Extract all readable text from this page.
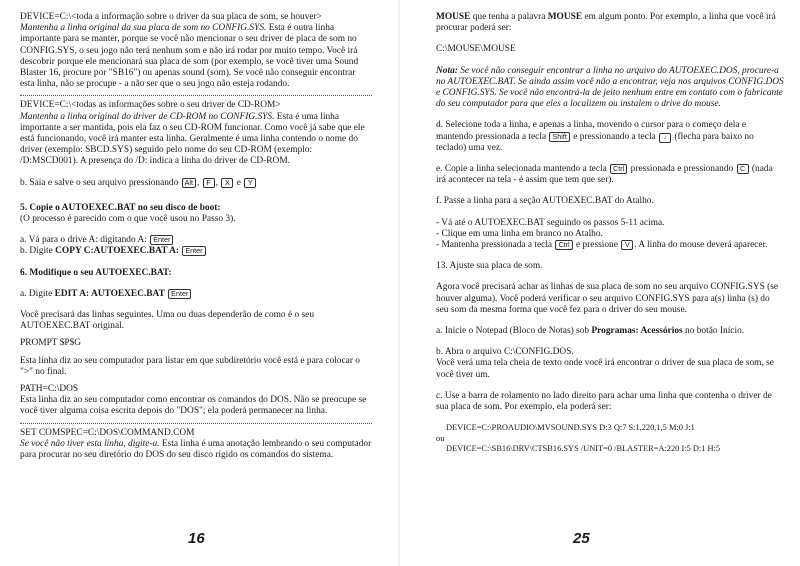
DEVICE=C:\<toda a informação sobre o driver da sua placa de som, se houver>

Mantenha a linha original da sua placa de som no CONFIG.SYS. Esta é outra linha importante para se manter, porque se você não mencionar o seu driver de placa de som no CONFIG.SYS, o seu jogo não terá nenhum som e não irá rodar por muito tempo. Você irá descobrir porque ele mencionará sua placa de som (por exemplo, se você tiver uma Sound Blaster 16, procure por "SB16") ou apenas sound (som). Se você não conseguir encontrar esta linha, não se procupe - a não ser que o seu jogo não esteja rodando.

DEVICE=C:\<todas as informações sobre o seu driver de CD-ROM>

Mantenha a linha original do driver de CD-ROM no CONFIG.SYS. Esta é uma linha importante a ser mantida, pois ela faz o seu CD-ROM funcionar. Como você já sabe que ele está funcionando, você irá manter esta linha. Geralmente é uma linha contendo o nome do driver (exemplo: SBCD.SYS) seguido pelo nome do seu CD-ROM (exemplo: /D:MSCD001). A presença do /D: indica a linha do driver de CD-ROM.

b. Saia e salve o seu arquivo pressionando Alt , F , X e Y

5. Copie o AUTOEXEC.BAT no seu disco de boot:

(O processo é parecido com o que você usou no Passo 3).

a. Vá para o drive A: digitando A: Enter

b. Digite COPY C:AUTOEXEC.BAT A: Enter

6. Modifique o seu AUTOEXEC.BAT:

a. Digite EDIT A: AUTOEXEC.BAT Enter

Você precisará das linhas seguintes. Uma ou duas dependerão de como é o seu AUTOEXEC.BAT original.

PROMPT $P$G

Esta linha diz ao seu computador para listar em que subdiretório você está e para colocar o ">" no final.

PATH=C:\DOS

Esta linha diz ao seu computador como encontrar os comandos do DOS. Não se preocupe se você tiver alguma coisa escrita depois do "DOS"; ela poderá permanecer na linha.

SET COMSPEC=C:\DOS\COMMAND.COM

Se você não tiver esta linha, digite-a. Esta linha é uma anotação lembrando o seu computador para procurar no seu diretório do DOS do seu disco rígido os comandos do sistema.

16

MOUSE que tenha a palavra MOUSE em algum ponto. Por exemplo, a linha que você irá procurar poderá ser:

C:\MOUSE\MOUSE

Nota: Se você não conseguir encontrar a linha no arquivo do AUTOEXEC.DOS, procure-a no AUTOEXEC.BAT. Se ainda assim você não a encontrar, veja nos arquivos CONFIG.DOS e CONFIG.SYS. Se você não encontrá-la de jeito nenhum entre em contato com o fabricante do seu computador para que eles a localizem ou instalem o drive do mouse.

d. Selecione toda a linha, e apenas a linha, movendo o cursor para o começo dela e mantendo pressionada a tecla Shift e pressionando a tecla ↓ (flecha para baixo no teclado) uma vez.

e. Copie a linha selecionada mantendo a tecla Ctrl pressionada e pressionando C (nada irá acontecer na tela - é assim que tem que ser).

f. Passe a linha para a seção AUTOEXEC.BAT do Atalho.

- Vá até o AUTOEXEC.BAT seguindo os passos 5-11 acima.

- Clique em uma linha em branco no Atalho.

- Mantenha pressionada a tecla Ctrl e pressione V . A linha do mouse deverá aparecer.

13. Ajuste sua placa de som.

Agora você precisará achar as linhas de sua placa de som no seu arquivo CONFIG.SYS (se houver alguma). Você poderá verificar o seu arquivo CONFIG.SYS para a(s) linha (s) do seu som da mesma forma que você fez para o driver do seu mouse.

a. Inicie o Notepad (Bloco de Notas) sob Programas: Acessórios no botão Início.

b. Abra o arquivo C:\CONFIG.DOS.

Você verá uma tela cheia de texto onde você irá encontrar o driver de sua placa de som, se você tiver um.

c. Use a barra de rolamento no lado direito para achar uma linha que contenha o driver de sua placa de som. Por exemplo, ela poderá ser:

DEVICE=C:\PROAUDIO\MVSOUND.SYS D:3 Q:7 S:1,220,1,5 M:0 J:1

ou

DEVICE=C:\SB16\DRV\CTSB16.SYS /UNIT=0 /BLASTER=A:220 I:5 D:1 H:5

25
